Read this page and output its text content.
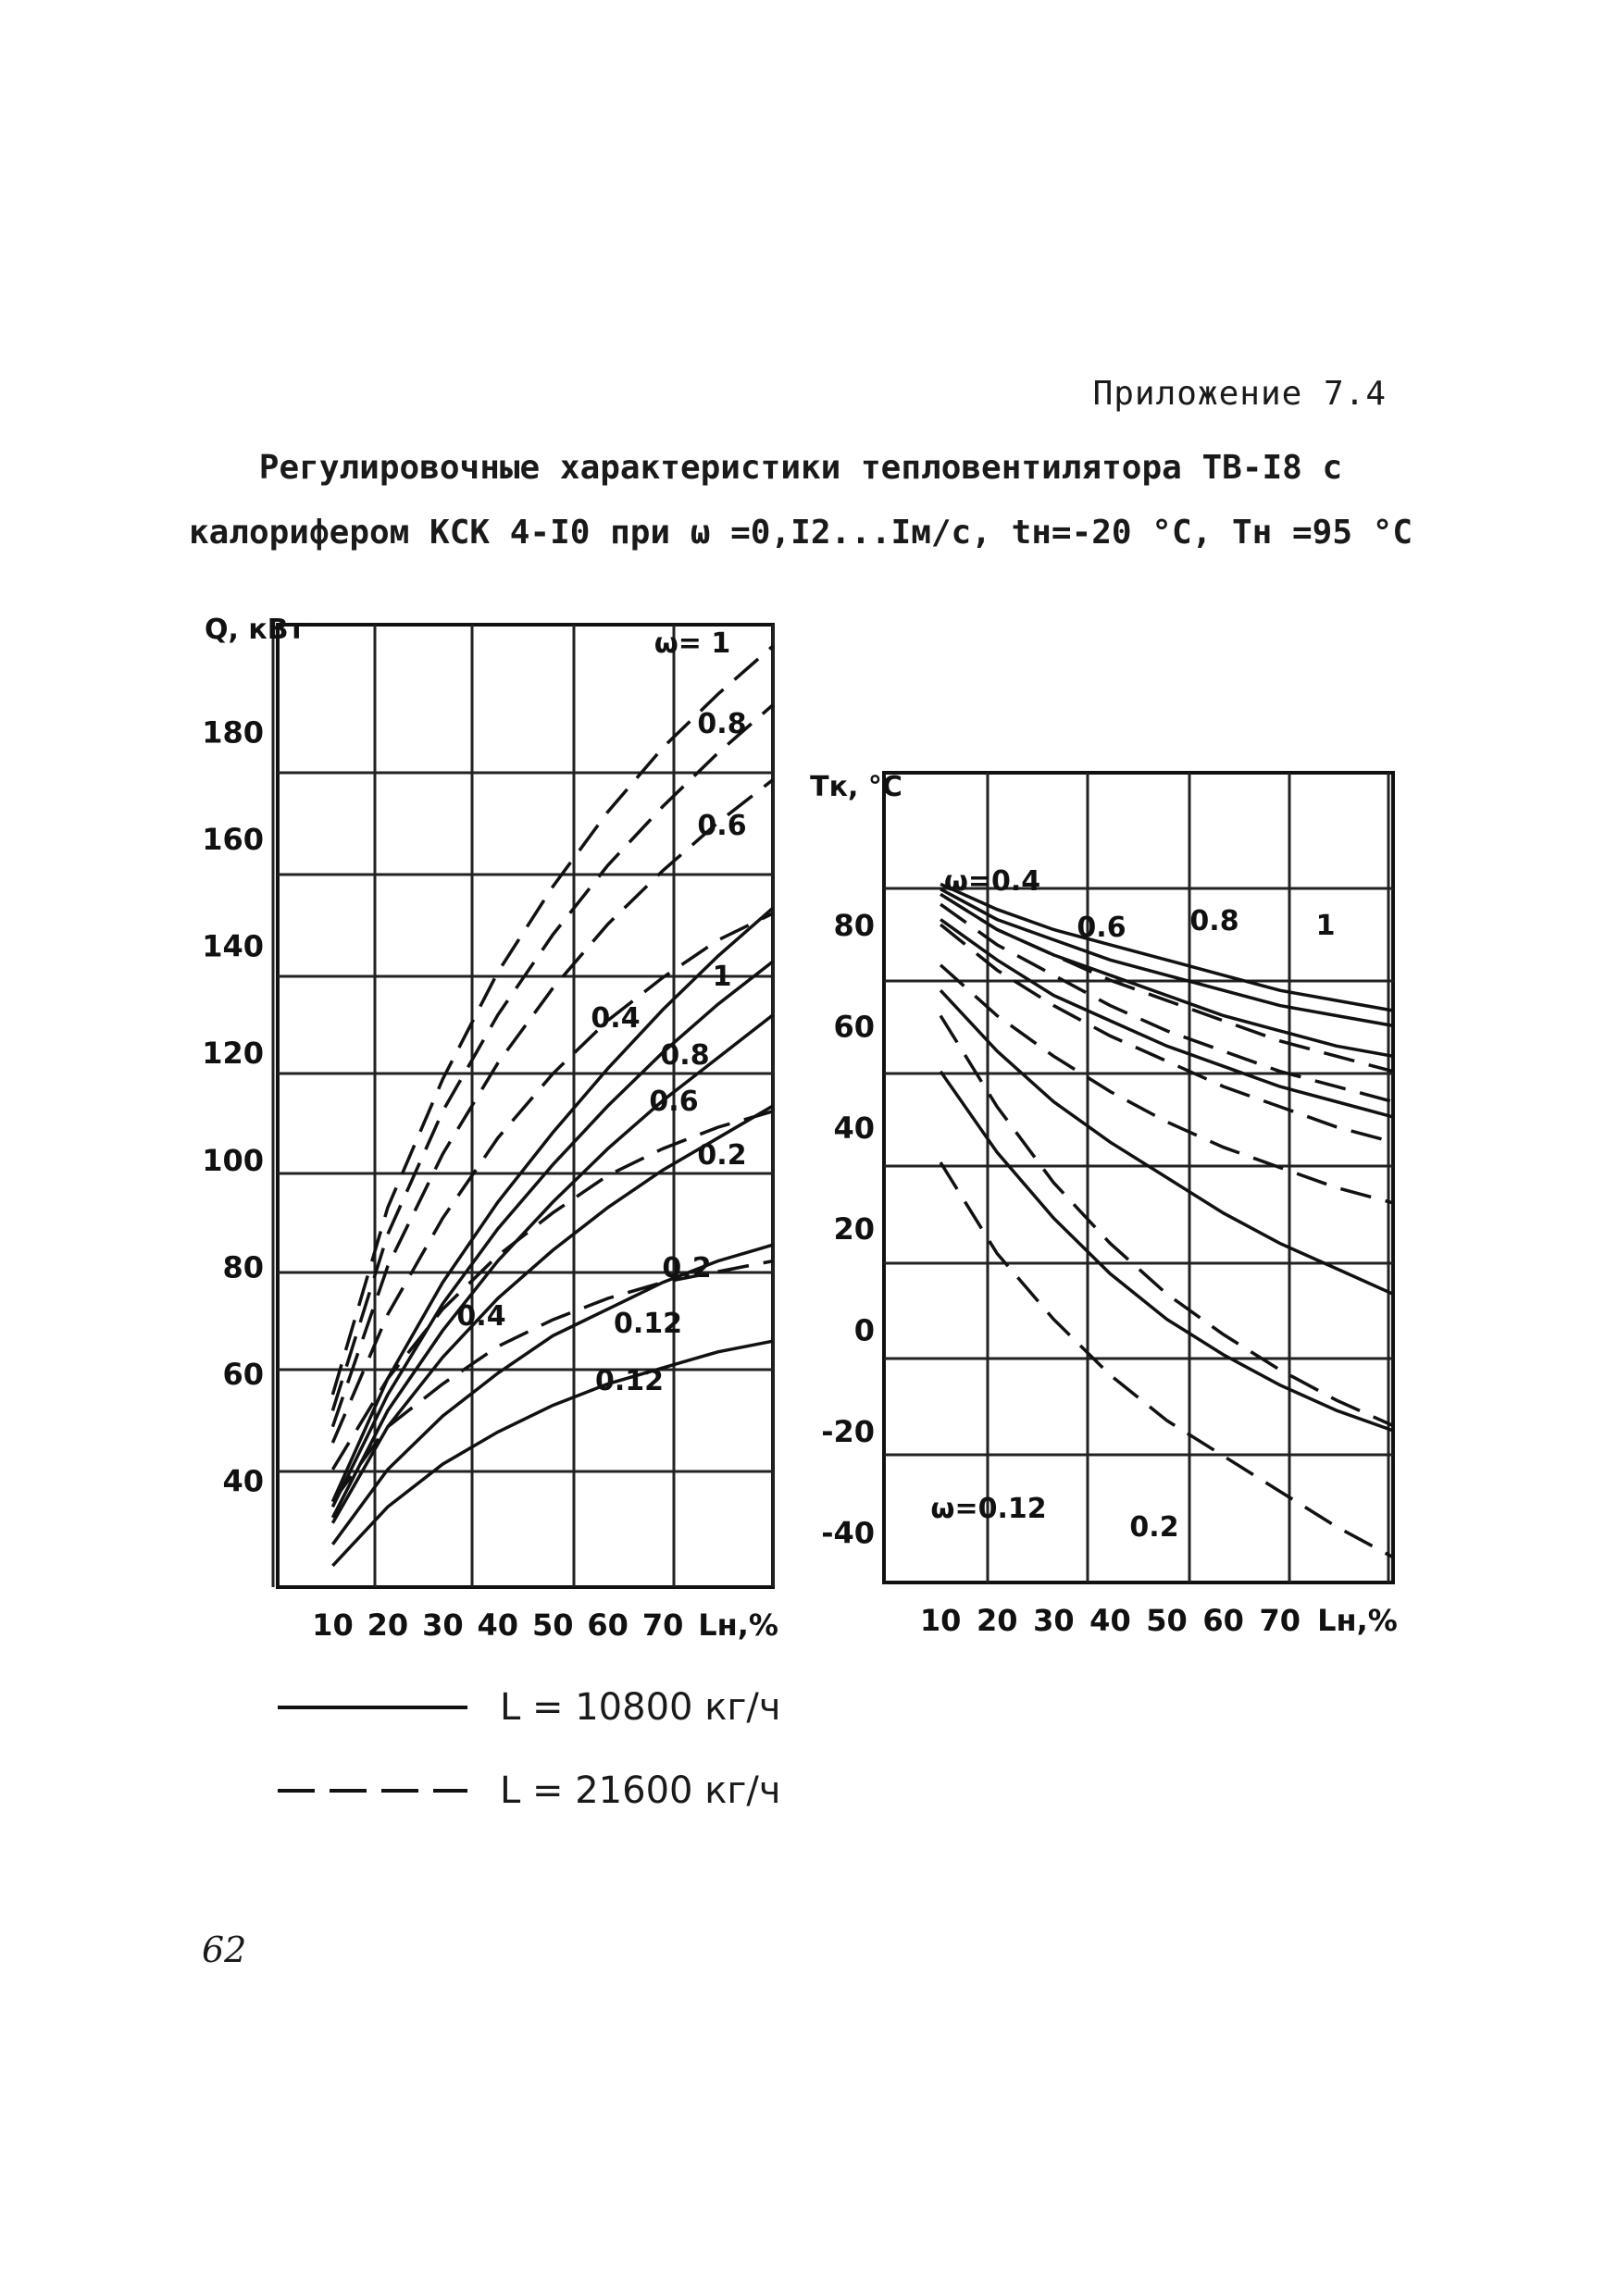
Приложение 7.4
Регулировочные характеристики тепловентилятора ТВ-I8 с
калорифером КСК 4-I0 при ω =0,I2...Iм/с, tн=-20 °С, Tн =95 °С
10 20 30 40 50 60 70 Lн,%
40
60
80
100
120
140
160
180
Q, кВт	ω= 1
0.8
0.6
1
0.4
0.8
0.6
0.2
0.4
0.2
0.12
0.12
10 20 30 40 50 60 70 Lн,%
80
60
40
20
0
-20
-40
Tк, °С
ω=0.4
0.6 0.8	1
ω=0.12
0.2
L = 10800 кг/ч
L = 21600 кг/ч
62
